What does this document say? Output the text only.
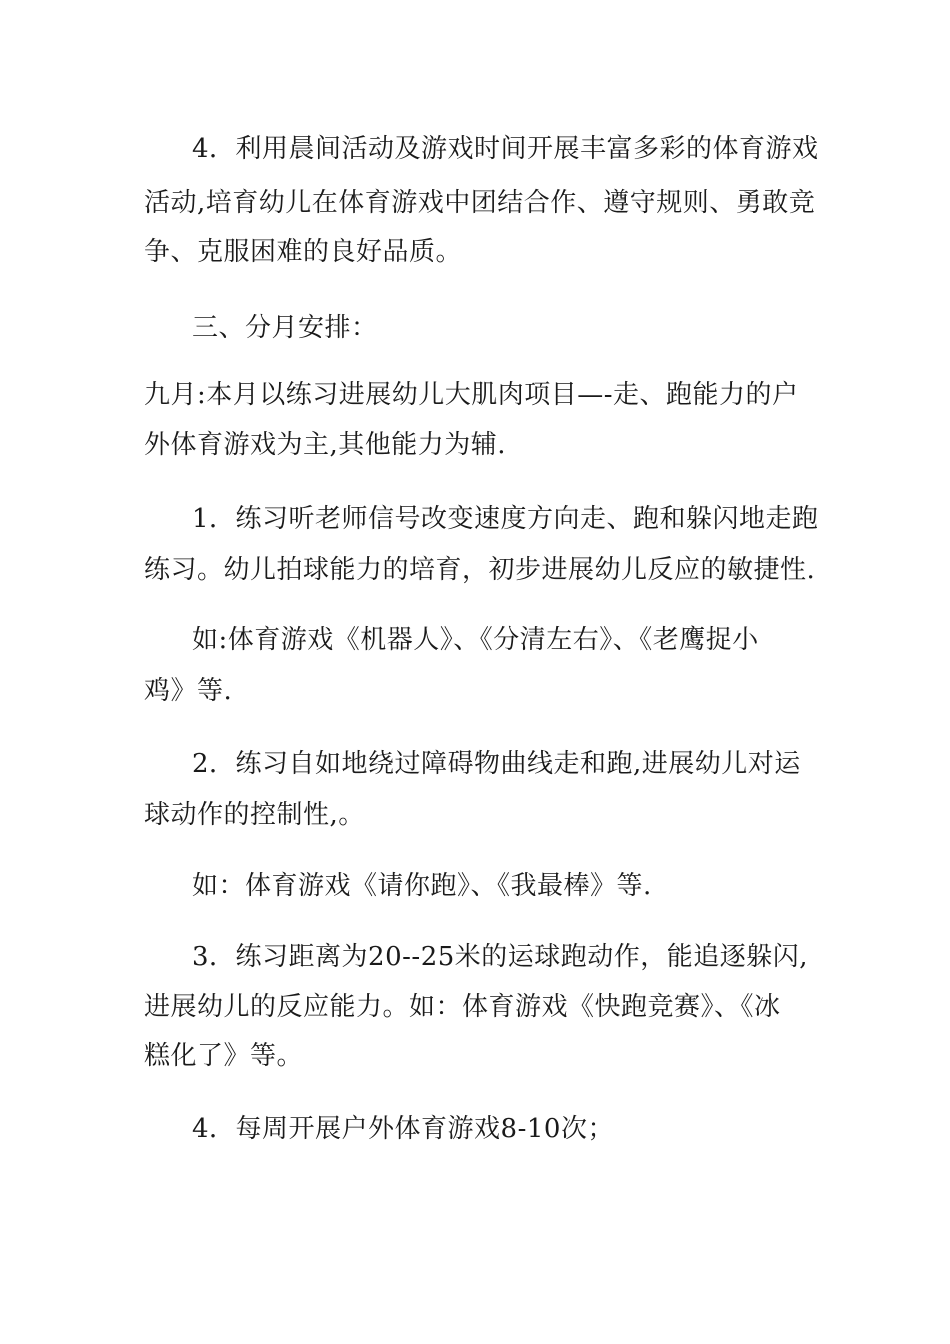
4．利用晨间活动及游戏时间开展丰富多彩的体育游戏
活动,培育幼儿在体育游戏中团结合作、遵守规则、勇敢竞
争、克服困难的良好品质。
三、分月安排：
九月:本月以练习进展幼儿大肌肉项目—-走、跑能力的户
外体育游戏为主,其他能力为辅.
1．练习听老师信号改变速度方向走、跑和躲闪地走跑
练习。幼儿拍球能力的培育，初步进展幼儿反应的敏捷性.
如:体育游戏《机器人》、《分清左右》、《老鹰捉小
鸡》等.
2．练习自如地绕过障碍物曲线走和跑,进展幼儿对运
球动作的控制性,。
如：体育游戏《请你跑》、《我最棒》等.
3．练习距离为20--25米的运球跑动作，能追逐躲闪,
进展幼儿的反应能力。如：体育游戏《快跑竞赛》、《冰
糕化了》等。
4．每周开展户外体育游戏8-10次；
